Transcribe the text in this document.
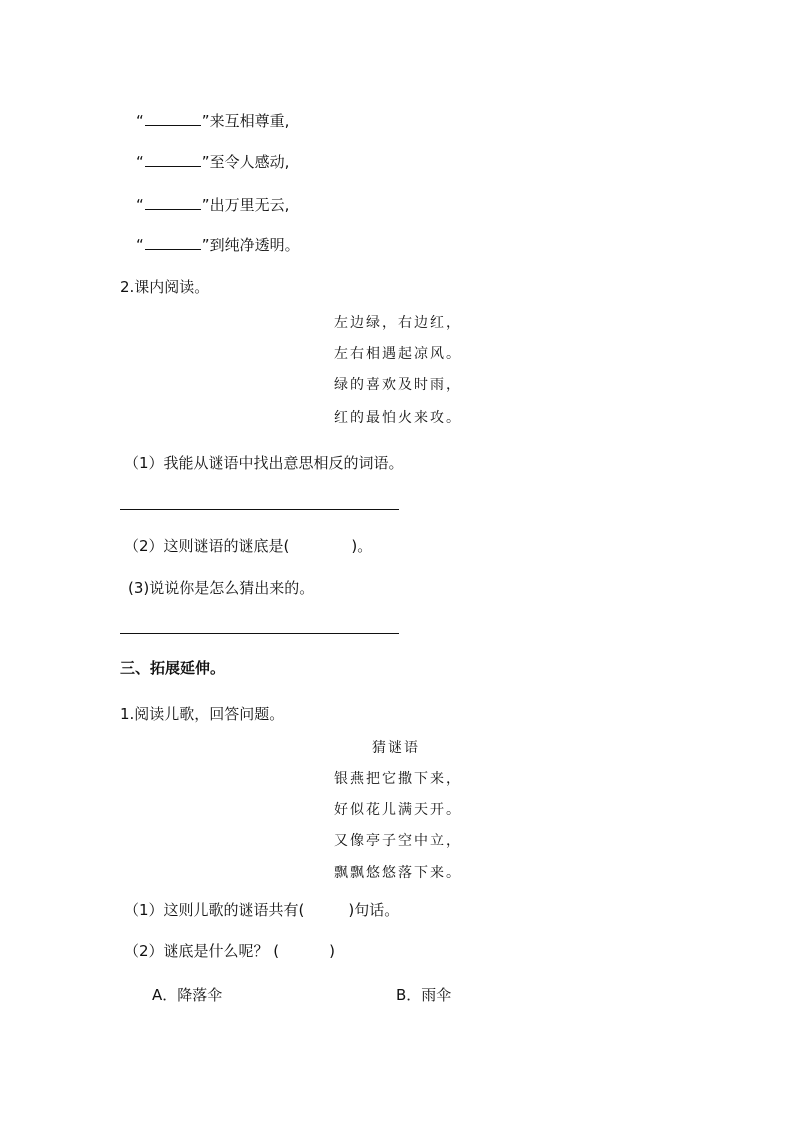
“	”来互相尊重,
“	”至令人感动,
“	”出万里无云,
“	”到纯净透明。
2.课内阅读。
左边绿，右边红，
左右相遇起凉风。
绿的喜欢及时雨，
红的最怕火来攻。
（1）我能从谜语中找出意思相反的词语。
（2）这则谜语的谜底是(	)。
(3)说说你是怎么猜出来的。
三、拓展延伸。
1.阅读儿歌，回答问题。
猜谜语
银燕把它撒下来，
好似花儿满天开。
又像亭子空中立，
飘飘悠悠落下来。
（1）这则儿歌的谜语共有(	)句话。
（2）谜底是什么呢？ (	)
A．降落伞	B．雨伞
